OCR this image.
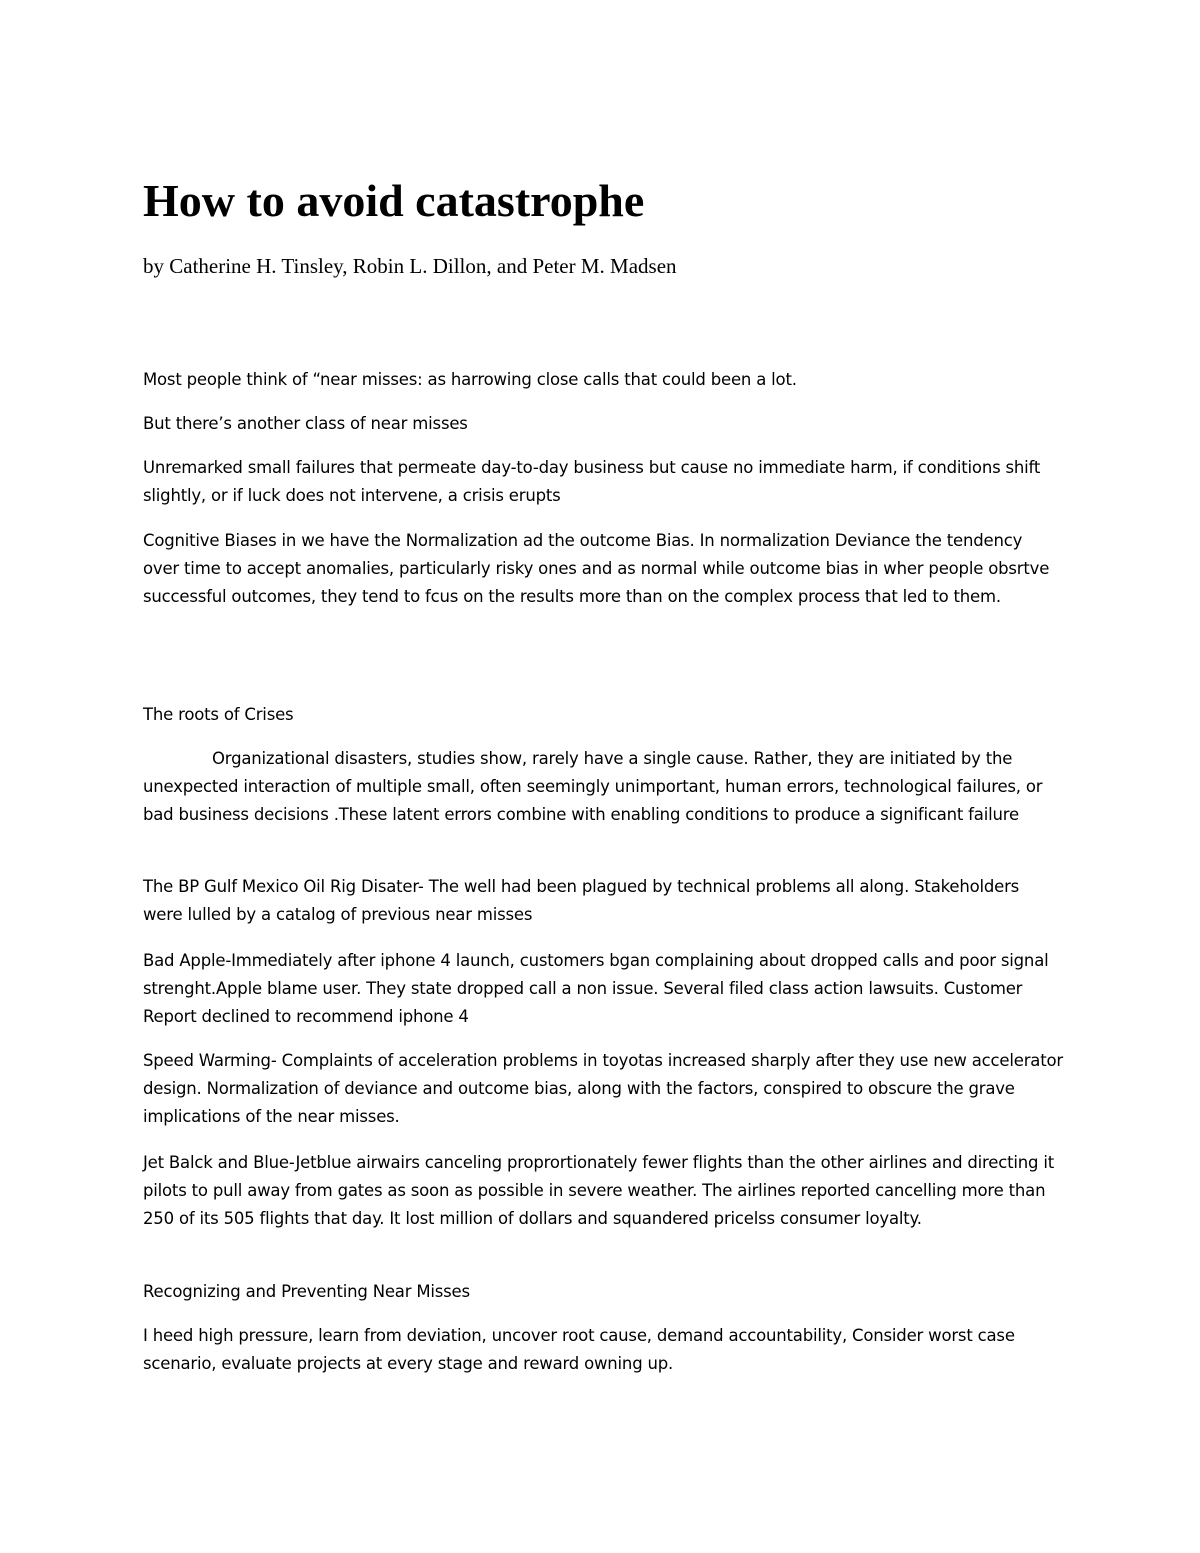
How to avoid catastrophe

by Catherine H. Tinsley, Robin L. Dillon, and Peter M. Madsen

Most people think of “near misses: as harrowing close calls that could been a lot.

But there’s another class of near misses

Unremarked small failures that permeate day-to-day business but cause no immediate harm, if conditions shift slightly, or if luck does not intervene, a crisis erupts

Cognitive Biases in we have the Normalization ad the outcome Bias. In normalization Deviance the tendency over time to accept anomalies, particularly risky ones and as normal while outcome bias in wher people obsrtve successful outcomes, they tend to fcus on the results more than on the complex process that led to them.

The roots of Crises

Organizational disasters, studies show, rarely have a single cause. Rather, they are initiated by the unexpected interaction of multiple small, often seemingly unimportant, human errors, technological failures, or bad business decisions .These latent errors combine with enabling conditions to produce a significant failure

The BP Gulf Mexico Oil Rig Disater- The well had been plagued by technical problems all along. Stakeholders were lulled by a catalog of previous near misses

Bad Apple-Immediately after iphone 4 launch, customers bgan complaining about dropped calls and poor signal strenght.Apple blame user. They state dropped call a non issue. Several filed class action lawsuits. Customer Report declined to recommend iphone 4

Speed Warming- Complaints of acceleration problems in toyotas increased sharply after they use new accelerator design. Normalization of deviance and outcome bias, along with the factors, conspired to obscure the grave implications of the near misses.

Jet Balck and Blue-Jetblue airwairs canceling proprortionately fewer flights than the other airlines and directing it pilots to pull away from gates as soon as possible in severe weather. The airlines reported cancelling more than 250 of its 505 flights that day. It lost million of dollars and squandered pricelss consumer loyalty.

Recognizing and Preventing Near Misses

I heed high pressure, learn from deviation, uncover root cause, demand accountability, Consider worst case scenario, evaluate projects at every stage and reward owning up.
